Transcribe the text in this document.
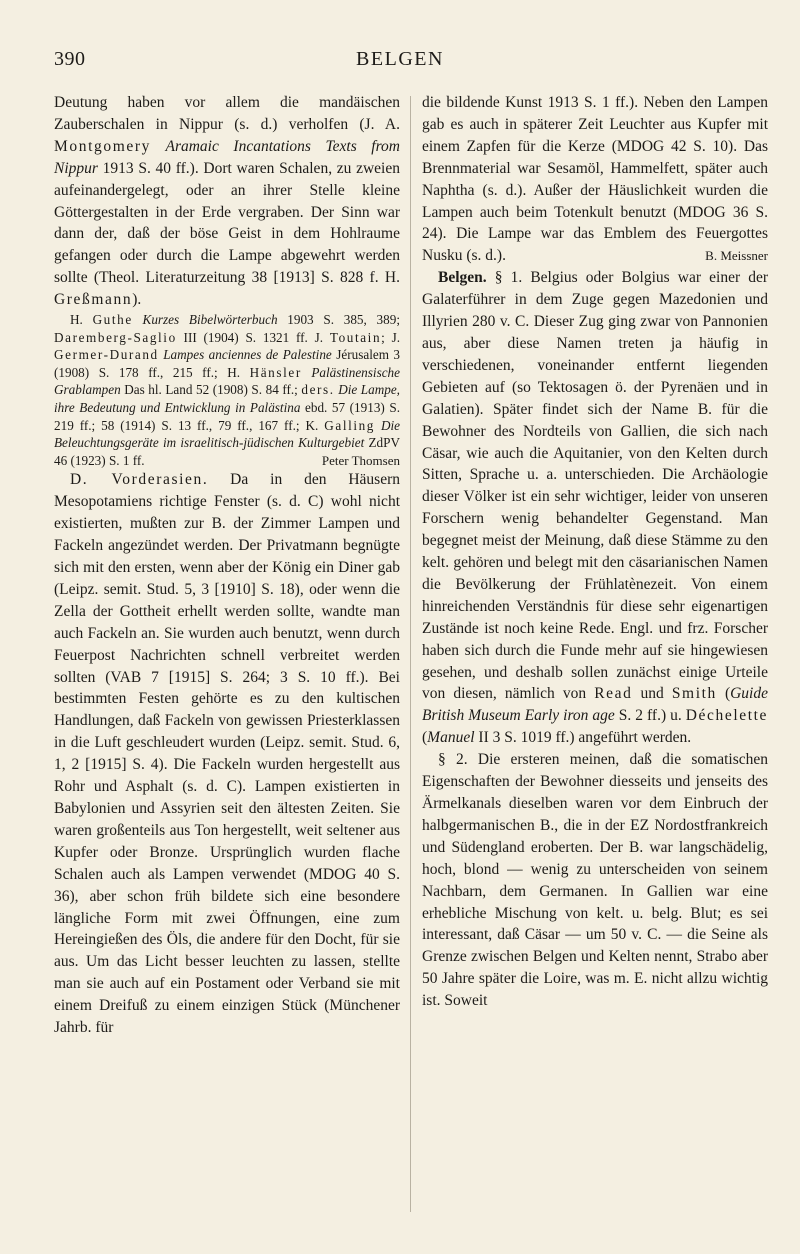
390	BELGEN

Deutung haben vor allem die mandäischen Zauberschalen in Nippur (s. d.) verholfen (J. A. Montgomery Aramaic Incantations Texts from Nippur 1913 S. 40 ff.). Dort waren Schalen, zu zweien aufeinandergelegt, oder an ihrer Stelle kleine Göttergestalten in der Erde vergraben. Der Sinn war dann der, daß der böse Geist in dem Hohlraume gefangen oder durch die Lampe abgewehrt werden sollte (Theol. Literaturzeitung 38 [1913] S. 828 f. H. Greßmann).

H. Guthe Kurzes Bibelwörterbuch 1903 S. 385, 389; Daremberg-Saglio III (1904) S. 1321 ff. J. Toutain; J. Germer-Durand Lampes anciennes de Palestine Jérusalem 3 (1908) S. 178 ff., 215 ff.; H. Hänsler Palästinensische Grablampen Das hl. Land 52 (1908) S. 84 ff.; ders. Die Lampe, ihre Bedeutung und Entwicklung in Palästina ebd. 57 (1913) S. 219 ff.; 58 (1914) S. 13 ff., 79 ff., 167 ff.; K. Galling Die Beleuchtungsgeräte im israelitisch-jüdischen Kulturgebiet ZdPV 46 (1923) S. 1 ff.	Peter Thomsen

D. Vorderasien. Da in den Häusern Mesopotamiens richtige Fenster (s. d. C) wohl nicht existierten, mußten zur B. der Zimmer Lampen und Fackeln angezündet werden. Der Privatmann begnügte sich mit den ersten, wenn aber der König ein Diner gab (Leipz. semit. Stud. 5, 3 [1910] S. 18), oder wenn die Zella der Gottheit erhellt werden sollte, wandte man auch Fackeln an. Sie wurden auch benutzt, wenn durch Feuerpost Nachrichten schnell verbreitet werden sollten (VAB 7 [1915] S. 264; 3 S. 10 ff.). Bei bestimmten Festen gehörte es zu den kultischen Handlungen, daß Fackeln von gewissen Priesterklassen in die Luft geschleudert wurden (Leipz. semit. Stud. 6, 1, 2 [1915] S. 4). Die Fackeln wurden hergestellt aus Rohr und Asphalt (s. d. C). Lampen existierten in Babylonien und Assyrien seit den ältesten Zeiten. Sie waren großenteils aus Ton hergestellt, weit seltener aus Kupfer oder Bronze. Ursprünglich wurden flache Schalen auch als Lampen verwendet (MDOG 40 S. 36), aber schon früh bildete sich eine besondere längliche Form mit zwei Öffnungen, eine zum Hereingießen des Öls, die andere für den Docht, für sie aus. Um das Licht besser leuchten zu lassen, stellte man sie auch auf ein Postament oder Verband sie mit einem Dreifuß zu einem einzigen Stück (Münchener Jahrb. für

die bildende Kunst 1913 S. 1 ff.). Neben den Lampen gab es auch in späterer Zeit Leuchter aus Kupfer mit einem Zapfen für die Kerze (MDOG 42 S. 10). Das Brennmaterial war Sesamöl, Hammelfett, später auch Naphtha (s. d.). Außer der Häuslichkeit wurden die Lampen auch beim Totenkult benutzt (MDOG 36 S. 24). Die Lampe war das Emblem des Feuergottes Nusku (s. d.).	B. Meissner

Belgen. § 1. Belgius oder Bolgius war einer der Galaterführer in dem Zuge gegen Mazedonien und Illyrien 280 v. C. Dieser Zug ging zwar von Pannonien aus, aber diese Namen treten ja häufig in verschiedenen, voneinander entfernt liegenden Gebieten auf (so Tektosagen ö. der Pyrenäen und in Galatien). Später findet sich der Name B. für die Bewohner des Nordteils von Gallien, die sich nach Cäsar, wie auch die Aquitanier, von den Kelten durch Sitten, Sprache u. a. unterschieden. Die Archäologie dieser Völker ist ein sehr wichtiger, leider von unseren Forschern wenig behandelter Gegenstand. Man begegnet meist der Meinung, daß diese Stämme zu den kelt. gehören und belegt mit den cäsarianischen Namen die Bevölkerung der Frühlatènezeit. Von einem hinreichenden Verständnis für diese sehr eigenartigen Zustände ist noch keine Rede. Engl. und frz. Forscher haben sich durch die Funde mehr auf sie hingewiesen gesehen, und deshalb sollen zunächst einige Urteile von diesen, nämlich von Read und Smith (Guide British Museum Early iron age S. 2 ff.) u. Déchelette (Manuel II 3 S. 1019 ff.) angeführt werden.

§ 2. Die ersteren meinen, daß die somatischen Eigenschaften der Bewohner diesseits und jenseits des Ärmelkanals dieselben waren vor dem Einbruch der halbgermanischen B., die in der EZ Nordostfrankreich und Südengland eroberten. Der B. war langschädelig, hoch, blond — wenig zu unterscheiden von seinem Nachbarn, dem Germanen. In Gallien war eine erhebliche Mischung von kelt. u. belg. Blut; es sei interessant, daß Cäsar — um 50 v. C. — die Seine als Grenze zwischen Belgen und Kelten nennt, Strabo aber 50 Jahre später die Loire, was m. E. nicht allzu wichtig ist. Soweit
